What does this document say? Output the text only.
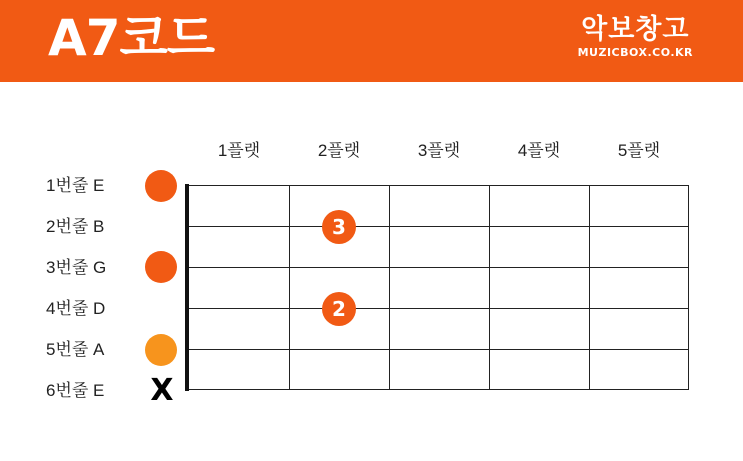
A7코드	악보창고
MUZICBOX.CO.KR
1플랫	2플랫	3플랫	4플랫	5플랫
1번줄 E
2번줄 B
3번줄 G
4번줄 D
5번줄 A
6번줄 E	X
3
2
